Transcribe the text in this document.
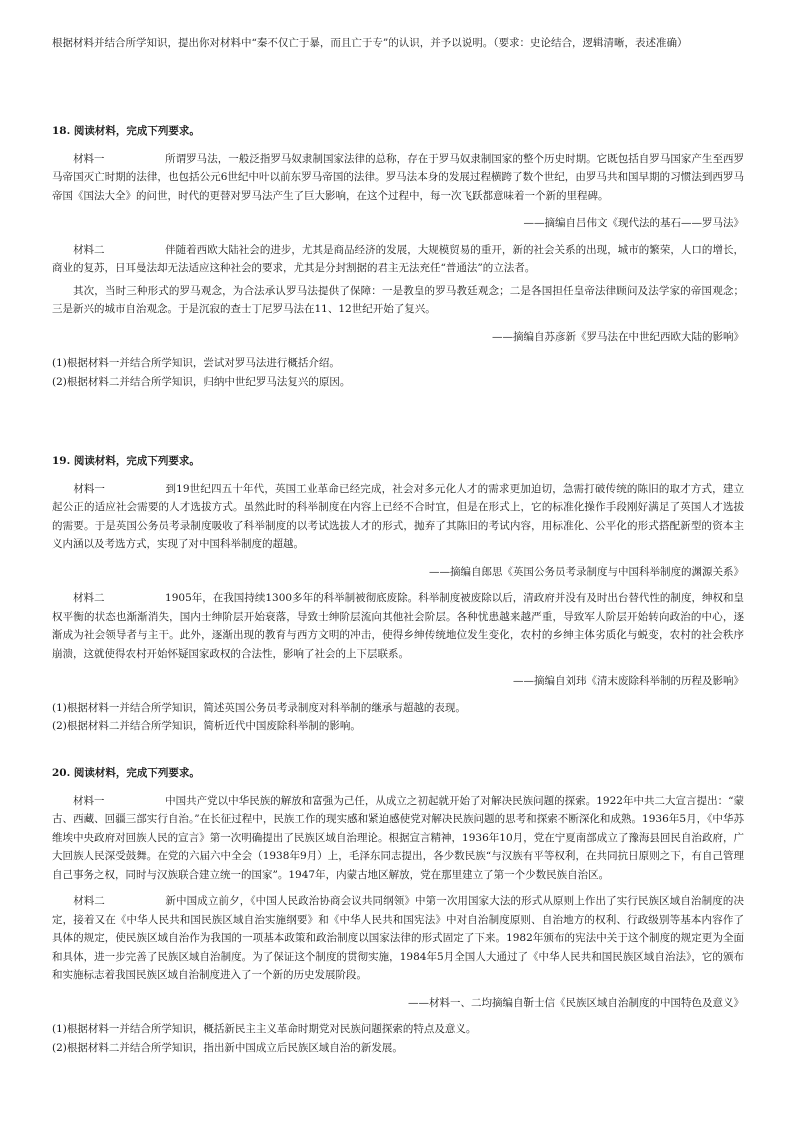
根据材料并结合所学知识，提出你对材料中“秦不仅亡于暴，而且亡于专”的认识，并予以说明。（要求：史论结合，逻辑清晰，表述准确）

18. 阅读材料，完成下列要求。

　　材料一	所谓罗马法，一般泛指罗马奴隶制国家法律的总称，存在于罗马奴隶制国家的整个历史时期。它既包括自罗马国家产生至西罗马帝国灭亡时期的法律，也包括公元6世纪中叶以前东罗马帝国的法律。罗马法本身的发展过程横跨了数个世纪，由罗马共和国早期的习惯法到西罗马帝国《国法大全》的问世，时代的更替对罗马法产生了巨大影响，在这个过程中，每一次飞跃都意味着一个新的里程碑。

——摘编自吕伟文《现代法的基石——罗马法》

　　材料二	伴随着西欧大陆社会的进步，尤其是商品经济的发展，大规模贸易的重开，新的社会关系的出现，城市的繁荣，人口的增长，商业的复苏，日耳曼法却无法适应这种社会的要求，尤其是分封割据的君主无法充任“普通法”的立法者。

其次，当时三种形式的罗马观念，为合法承认罗马法提供了保障：一是教皇的罗马教廷观念；二是各国担任皇帝法律顾问及法学家的帝国观念；三是新兴的城市自治观念。于是沉寂的查士丁尼罗马法在11、12世纪开始了复兴。

——摘编自苏彦新《罗马法在中世纪西欧大陆的影响》

(1)根据材料一并结合所学知识，尝试对罗马法进行概括介绍。

(2)根据材料二并结合所学知识，归纳中世纪罗马法复兴的原因。

19. 阅读材料，完成下列要求。

　　材料一	到19世纪四五十年代，英国工业革命已经完成，社会对多元化人才的需求更加迫切，急需打破传统的陈旧的取才方式，建立起公正的适应社会需要的人才选拔方式。虽然此时的科举制度在内容上已经不合时宜，但是在形式上，它的标准化操作手段刚好满足了英国人才选拔的需要。于是英国公务员考录制度吸收了科举制度的以考试选拔人才的形式，抛弃了其陈旧的考试内容，用标准化、公平化的形式搭配新型的资本主义内涵以及考选方式，实现了对中国科举制度的超越。

——摘编自郎思《英国公务员考录制度与中国科举制度的渊源关系》

　　材料二	1905年，在我国持续1300多年的科举制被彻底废除。科举制度被废除以后，清政府并没有及时出台替代性的制度，绅权和皇权平衡的状态也渐渐消失，国内士绅阶层开始衰落，导致士绅阶层流向其他社会阶层。各种忧患越来越严重，导致军人阶层开始转向政治的中心，逐渐成为社会领导者与主干。此外，逐渐出现的教育与西方文明的冲击，使得乡绅传统地位发生变化，农村的乡绅主体劣质化与蜕变，农村的社会秩序崩溃，这就使得农村开始怀疑国家政权的合法性，影响了社会的上下层联系。

——摘编自刘玮《清末废除科举制的历程及影响》

(1)根据材料一并结合所学知识，简述英国公务员考录制度对科举制的继承与超越的表现。

(2)根据材料二并结合所学知识，简析近代中国废除科举制的影响。

20. 阅读材料，完成下列要求。

　　材料一	中国共产党以中华民族的解放和富强为己任，从成立之初起就开始了对解决民族问题的探索。1922年中共二大宣言提出：“蒙古、西藏、回疆三部实行自治。”在长征过程中，民族工作的现实感和紧迫感使党对解决民族问题的思考和探索不断深化和成熟。1936年5月，《中华苏维埃中央政府对回族人民的宣言》第一次明确提出了民族区域自治理论。根据宣言精神，1936年10月，党在宁夏南部成立了豫海县回民自治政府，广大回族人民深受鼓舞。在党的六届六中全会（1938年9月）上，毛泽东同志提出，各少数民族“与汉族有平等权利，在共同抗日原则之下，有自己管理自己事务之权，同时与汉族联合建立统一的国家”。1947年，内蒙古地区解放，党在那里建立了第一个少数民族自治区。

　　材料二	新中国成立前夕，《中国人民政治协商会议共同纲领》中第一次用国家大法的形式从原则上作出了实行民族区域自治制度的决定，接着又在《中华人民共和国民族区域自治实施纲要》和《中华人民共和国宪法》中对自治制度原则、自治地方的权利、行政级别等基本内容作了具体的规定，使民族区域自治作为我国的一项基本政策和政治制度以国家法律的形式固定了下来。1982年颁布的宪法中关于这个制度的规定更为全面和具体，进一步完善了民族区域自治制度。为了保证这个制度的贯彻实施，1984年5月全国人大通过了《中华人民共和国民族区域自治法》，它的颁布和实施标志着我国民族区域自治制度进入了一个新的历史发展阶段。

——材料一、二均摘编自靳士信《民族区域自治制度的中国特色及意义》

(1)根据材料一并结合所学知识，概括新民主主义革命时期党对民族问题探索的特点及意义。

(2)根据材料二并结合所学知识，指出新中国成立后民族区域自治的新发展。
